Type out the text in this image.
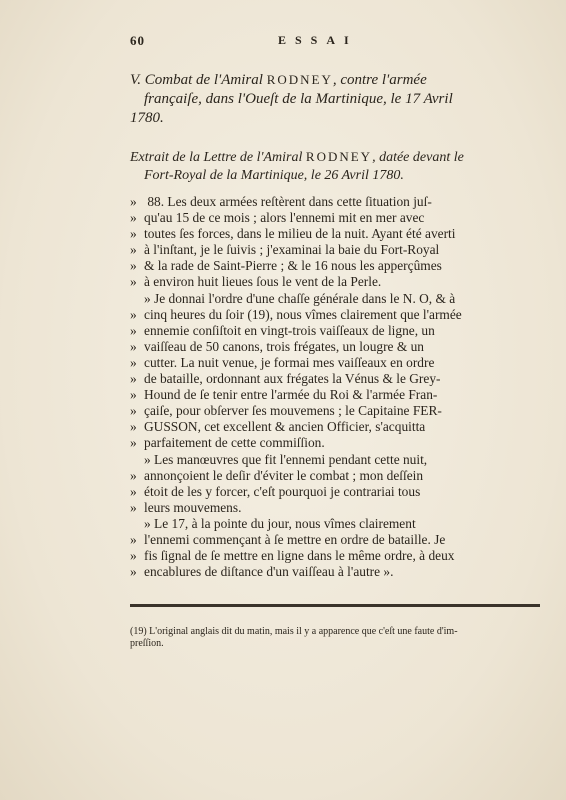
60	ESSAI
V. Combat de l'Amiral RODNEY, contre l'armée
françaiſe, dans l'Oueſt de la Martinique, le 17 Avril
1780.
Extrait de la Lettre de l'Amiral RODNEY, datée devant le
Fort-Royal de la Martinique, le 26 Avril 1780.
» 88. Les deux armées reſtèrent dans cette ſituation juſ-
» qu'au 15 de ce mois ; alors l'ennemi mit en mer avec
» toutes ſes forces, dans le milieu de la nuit. Ayant été averti
» à l'inſtant, je le ſuivis ; j'examinai la baie du Fort-Royal
» & la rade de Saint-Pierre ; & le 16 nous les apperçûmes
» à environ huit lieues ſous le vent de la Perle.
» Je donnai l'ordre d'une chaſſe générale dans le N. O, & à
» cinq heures du ſoir (19), nous vîmes clairement que l'armée
» ennemie conſiſtoit en vingt-trois vaiſſeaux de ligne, un
» vaiſſeau de 50 canons, trois frégates, un lougre & un
» cutter. La nuit venue, je formai mes vaiſſeaux en ordre
» de bataille, ordonnant aux frégates la Vénus & le Grey-
» Hound de ſe tenir entre l'armée du Roi & l'armée Fran-
» çaiſe, pour obſerver ſes mouvemens ; le Capitaine FER-
» GUSSON, cet excellent & ancien Officier, s'acquitta
» parfaitement de cette commiſſion.
» Les manœuvres que fit l'ennemi pendant cette nuit,
» annonçoient le deſir d'éviter le combat ; mon deſſein
» étoit de les y forcer, c'eſt pourquoi je contrariai tous
» leurs mouvemens.
» Le 17, à la pointe du jour, nous vîmes clairement
» l'ennemi commençant à ſe mettre en ordre de bataille. Je
» fis ſignal de ſe mettre en ligne dans le même ordre, à deux
» encablures de diſtance d'un vaiſſeau à l'autre ».
(19) L'original anglais dit du matin, mais il y a apparence que c'eſt une faute d'im-
preſſion.
